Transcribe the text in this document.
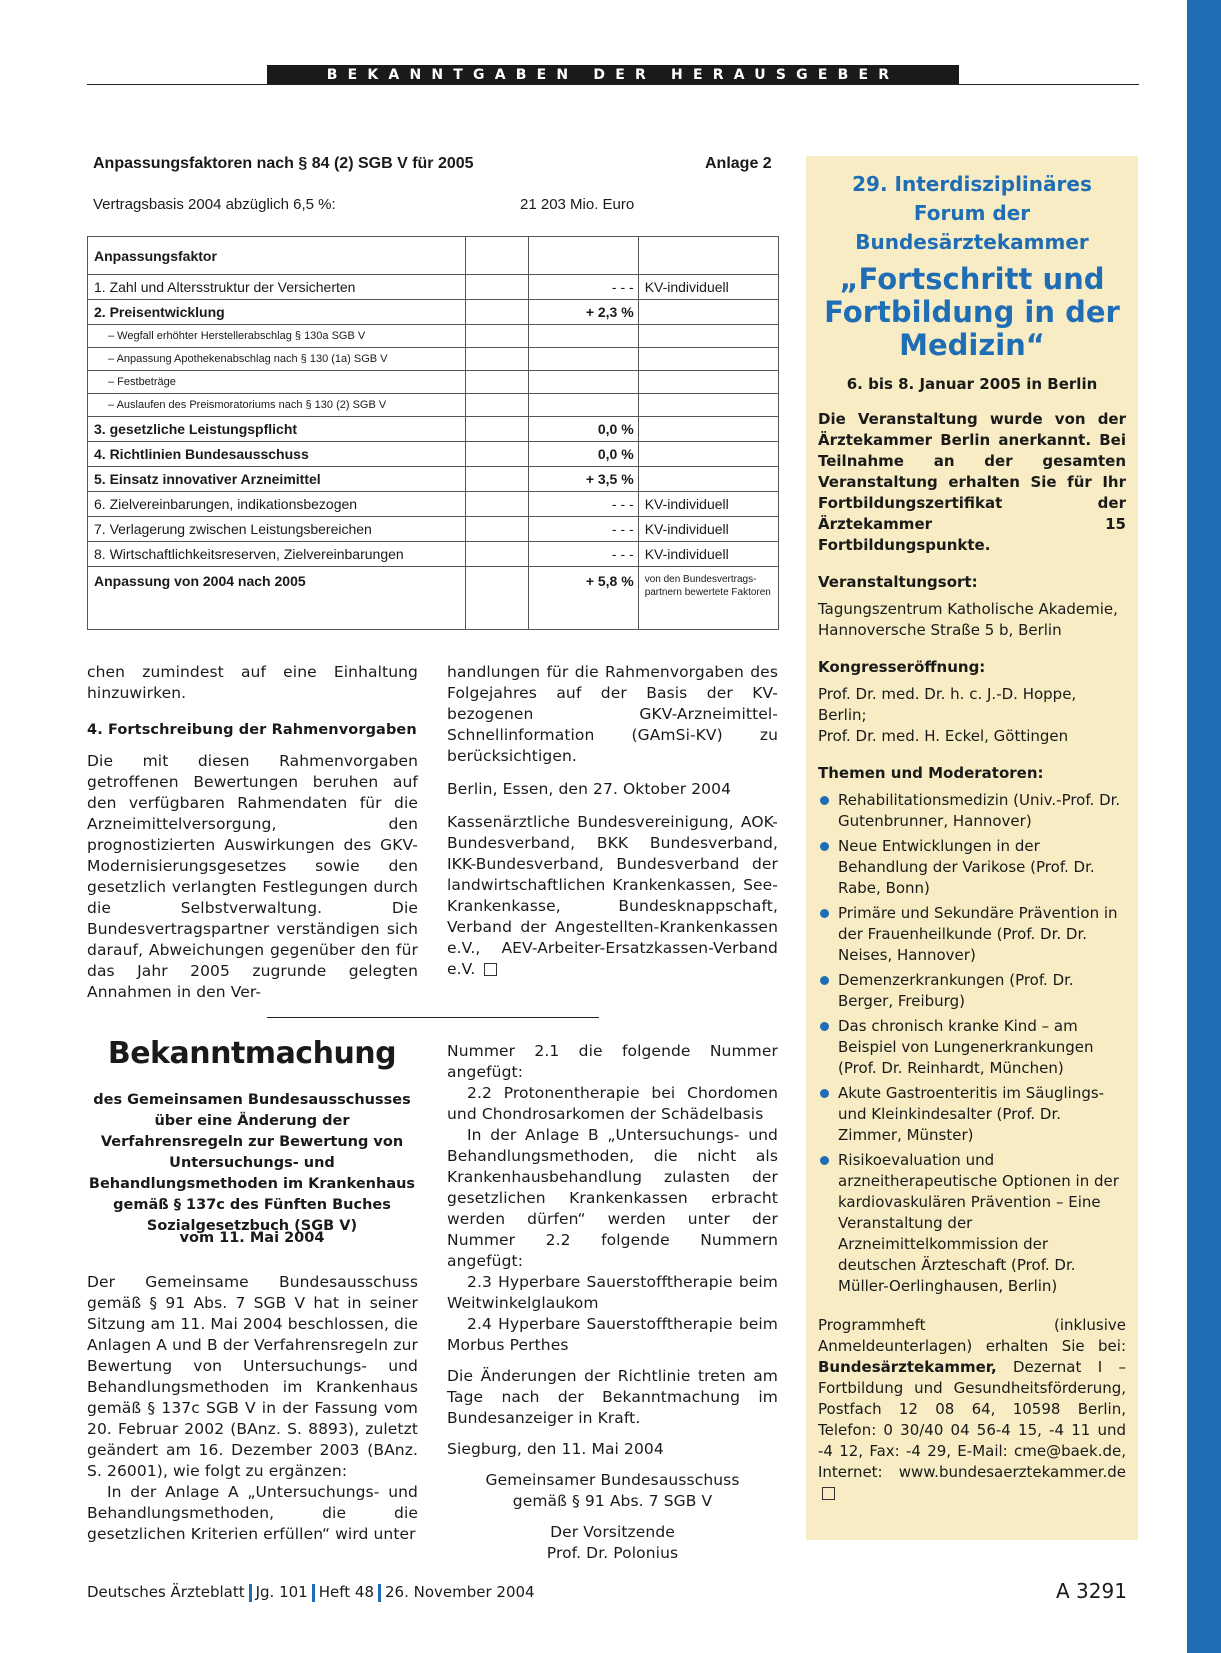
BEKANNTGABEN DER HERAUSGEBER
Anpassungsfaktoren nach § 84 (2) SGB V für 2005	Anlage 2
Vertragsbasis 2004 abzüglich 6,5 %:	21 203 Mio. Euro
Anpassungsfaktor			
1. Zahl und Altersstruktur der Versicherten		- - -	KV-individuell
2. Preisentwicklung		+ 2,3 %	
– Wegfall erhöhter Herstellerabschlag § 130a SGB V			
– Anpassung Apothekenabschlag nach § 130 (1a) SGB V			
– Festbeträge			
– Auslaufen des Preismoratoriums nach § 130 (2) SGB V			
3. gesetzliche Leistungspflicht		0,0 %	
4. Richtlinien Bundesausschuss		0,0 %	
5. Einsatz innovativer Arzneimittel		+ 3,5 %	
6. Zielvereinbarungen, indikationsbezogen		- - -	KV-individuell
7. Verlagerung zwischen Leistungsbereichen		- - -	KV-individuell
8. Wirtschaftlichkeitsreserven, Zielvereinbarungen		- - -	KV-individuell
Anpassung von 2004 nach 2005		+ 5,8 %	von den Bundesvertrags-partnern bewertete Faktoren

chen zumindest auf eine Einhaltung hinzuwirken.

4. Fortschreibung der Rahmenvorgaben

Die mit diesen Rahmenvorgaben getroffenen Bewertungen beruhen auf den verfügbaren Rahmendaten für die Arzneimittelversorgung, den prognostizierten Auswirkungen des GKV-Modernisierungsgesetzes sowie den gesetzlich verlangten Festlegungen durch die Selbstverwaltung. Die Bundesvertragspartner verständigen sich darauf, Abweichungen gegenüber den für das Jahr 2005 zugrunde gelegten Annahmen in den Ver-

handlungen für die Rahmenvorgaben des Folgejahres auf der Basis der KV-bezogenen GKV-Arzneimittel-Schnellinformation (GAmSi-KV) zu berücksichtigen.

Berlin, Essen, den 27. Oktober 2004

Kassenärztliche Bundesvereinigung, AOK-Bundesverband, BKK Bundesverband, IKK-Bundesverband, Bundesverband der landwirtschaftlichen Krankenkassen, See-Krankenkasse, Bundesknappschaft, Verband der Angestellten-Krankenkassen e.V., AEV-Arbeiter-Ersatzkassen-Verband e.V.

Bekanntmachung
des Gemeinsamen Bundesausschusses über eine Änderung der Verfahrensregeln zur Bewertung von Untersuchungs- und Behandlungsmethoden im Krankenhaus gemäß § 137c des Fünften Buches Sozialgesetzbuch (SGB V)
vom 11. Mai 2004

Der Gemeinsame Bundesausschuss gemäß § 91 Abs. 7 SGB V hat in seiner Sitzung am 11. Mai 2004 beschlossen, die Anlagen A und B der Verfahrensregeln zur Bewertung von Untersuchungs- und Behandlungsmethoden im Krankenhaus gemäß § 137c SGB V in der Fassung vom 20. Februar 2002 (BAnz. S. 8893), zuletzt geändert am 16. Dezember 2003 (BAnz. S. 26001), wie folgt zu ergänzen:

In der Anlage A „Untersuchungs- und Behandlungsmethoden, die die gesetzlichen Kriterien erfüllen“ wird unter

Nummer 2.1 die folgende Nummer angefügt:

2.2 Protonentherapie bei Chordomen und Chondrosarkomen der Schädelbasis

In der Anlage B „Untersuchungs- und Behandlungsmethoden, die nicht als Krankenhausbehandlung zulasten der gesetzlichen Krankenkassen erbracht werden dürfen“ werden unter der Nummer 2.2 folgende Nummern angefügt:

2.3 Hyperbare Sauerstofftherapie beim Weitwinkelglaukom

2.4 Hyperbare Sauerstofftherapie beim Morbus Perthes

Die Änderungen der Richtlinie treten am Tage nach der Bekanntmachung im Bundesanzeiger in Kraft.

Siegburg, den 11. Mai 2004

Gemeinsamer Bundesausschuss

gemäß § 91 Abs. 7 SGB V

Der Vorsitzende

Prof. Dr. Polonius

29. Interdisziplinäres Forum der Bundesärztekammer
„Fortschritt und Fortbildung in der Medizin“
6. bis 8. Januar 2005 in Berlin
Die Veranstaltung wurde von der Ärztekammer Berlin anerkannt. Bei Teilnahme an der gesamten Veranstaltung erhalten Sie für Ihr Fortbildungszertifikat der Ärztekammer 15 Fortbildungspunkte.
Veranstaltungsort:

Tagungszentrum Katholische Akademie, Hannoversche Straße 5 b, Berlin

Kongresseröffnung:

Prof. Dr. med. Dr. h. c. J.-D. Hoppe, Berlin;

Prof. Dr. med. H. Eckel, Göttingen

Themen und Moderatoren:
Rehabilitationsmedizin (Univ.-Prof. Dr. Gutenbrunner, Hannover)
Neue Entwicklungen in der Behandlung der Varikose (Prof. Dr. Rabe, Bonn)
Primäre und Sekundäre Prävention in der Frauenheilkunde (Prof. Dr. Dr. Neises, Hannover)
Demenzerkrankungen (Prof. Dr. Berger, Freiburg)
Das chronisch kranke Kind – am Beispiel von Lungenerkrankungen (Prof. Dr. Reinhardt, München)
Akute Gastroenteritis im Säuglings- und Kleinkindesalter (Prof. Dr. Zimmer, Münster)
Risikoevaluation und arzneitherapeutische Optionen in der kardiovaskulären Prävention – Eine Veranstaltung der Arzneimittelkommission der deutschen Ärzteschaft (Prof. Dr. Müller-Oerlinghausen, Berlin)

Programmheft (inklusive Anmeldeunterlagen) erhalten Sie bei: Bundesärztekammer, Dezernat I – Fortbildung und Gesundheitsförderung, Postfach 12 08 64, 10598 Berlin, Telefon: 0 30/40 04 56-4 15, -4 11 und -4 12, Fax: -4 29, E-Mail: cme@baek.de, Internet: www.bundesaerztekammer.de

Deutsches Ärzteblatt Jg. 101 Heft 48 26. November 2004	A 3291
